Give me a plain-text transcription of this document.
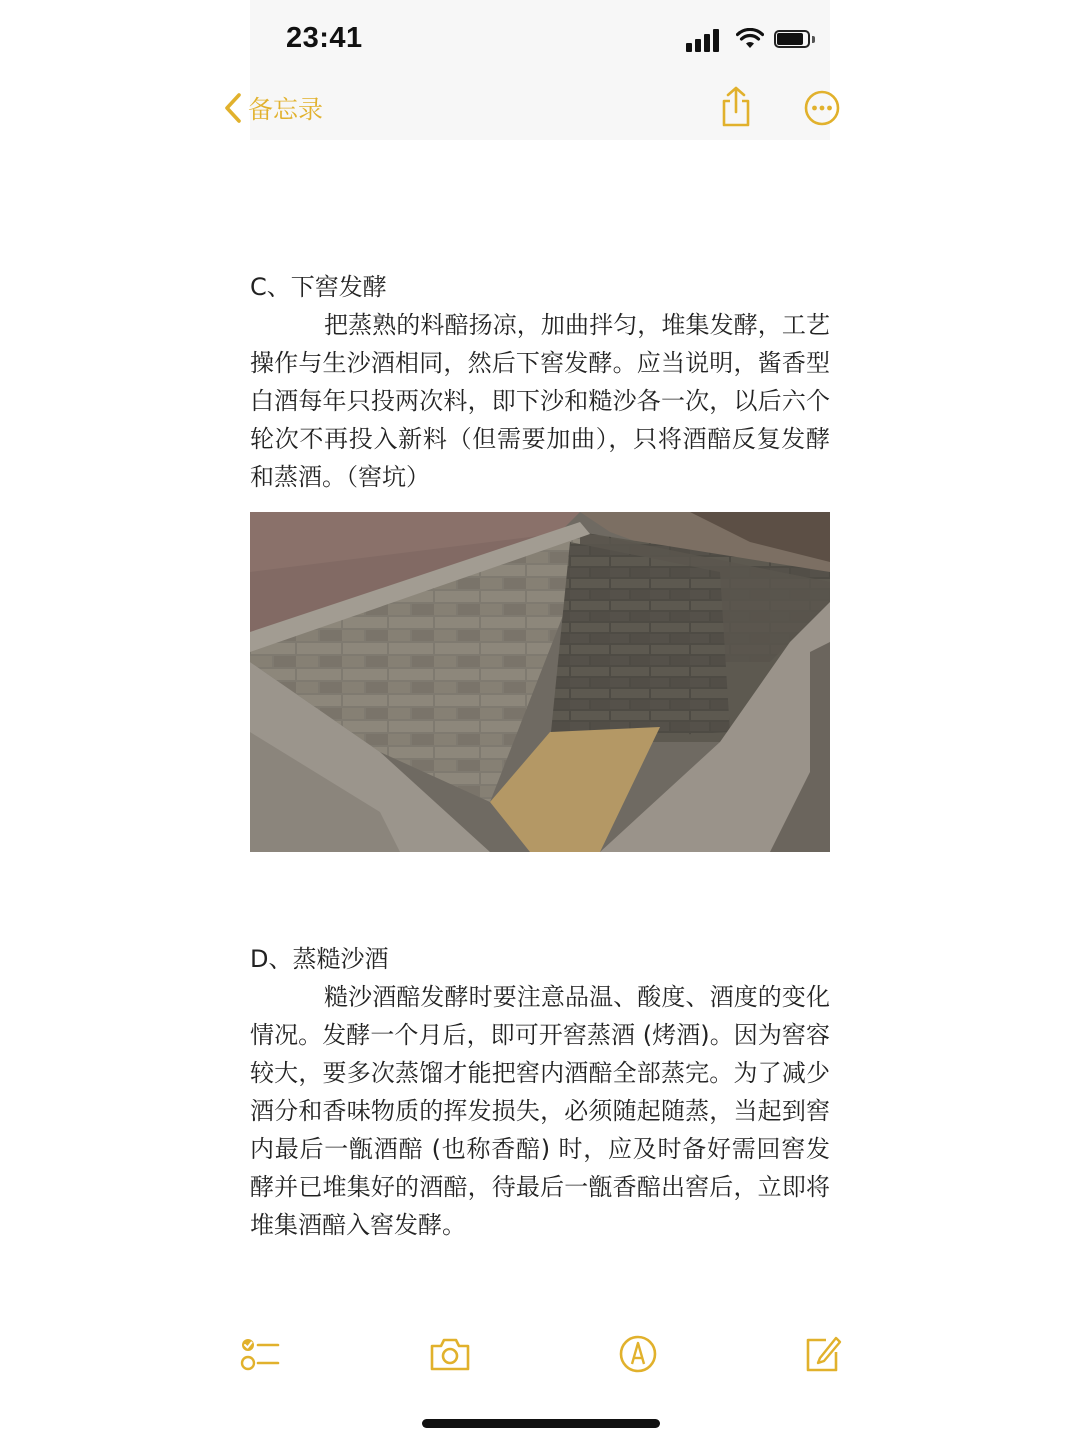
23:41
备忘录

C、下窖发酵

把蒸熟的料醅扬凉，加曲拌匀，堆集发酵，工艺操作与生沙酒相同，然后下窖发酵。应当说明，酱香型白酒每年只投两次料，即下沙和糙沙各一次，以后六个轮次不再投入新料（但需要加曲），只将酒醅反复发酵和蒸酒。（窖坑）

D、蒸糙沙酒

糙沙酒醅发酵时要注意品温、酸度、酒度的变化情况。发酵一个月后，即可开窖蒸酒 (烤酒)。因为窖容较大，要多次蒸馏才能把窖内酒醅全部蒸完。为了减少酒分和香味物质的挥发损失，必须随起随蒸，当起到窖内最后一甑酒醅 (也称香醅) 时，应及时备好需回窖发酵并已堆集好的酒醅，待最后一甑香醅出窖后，立即将堆集酒醅入窖发酵。
